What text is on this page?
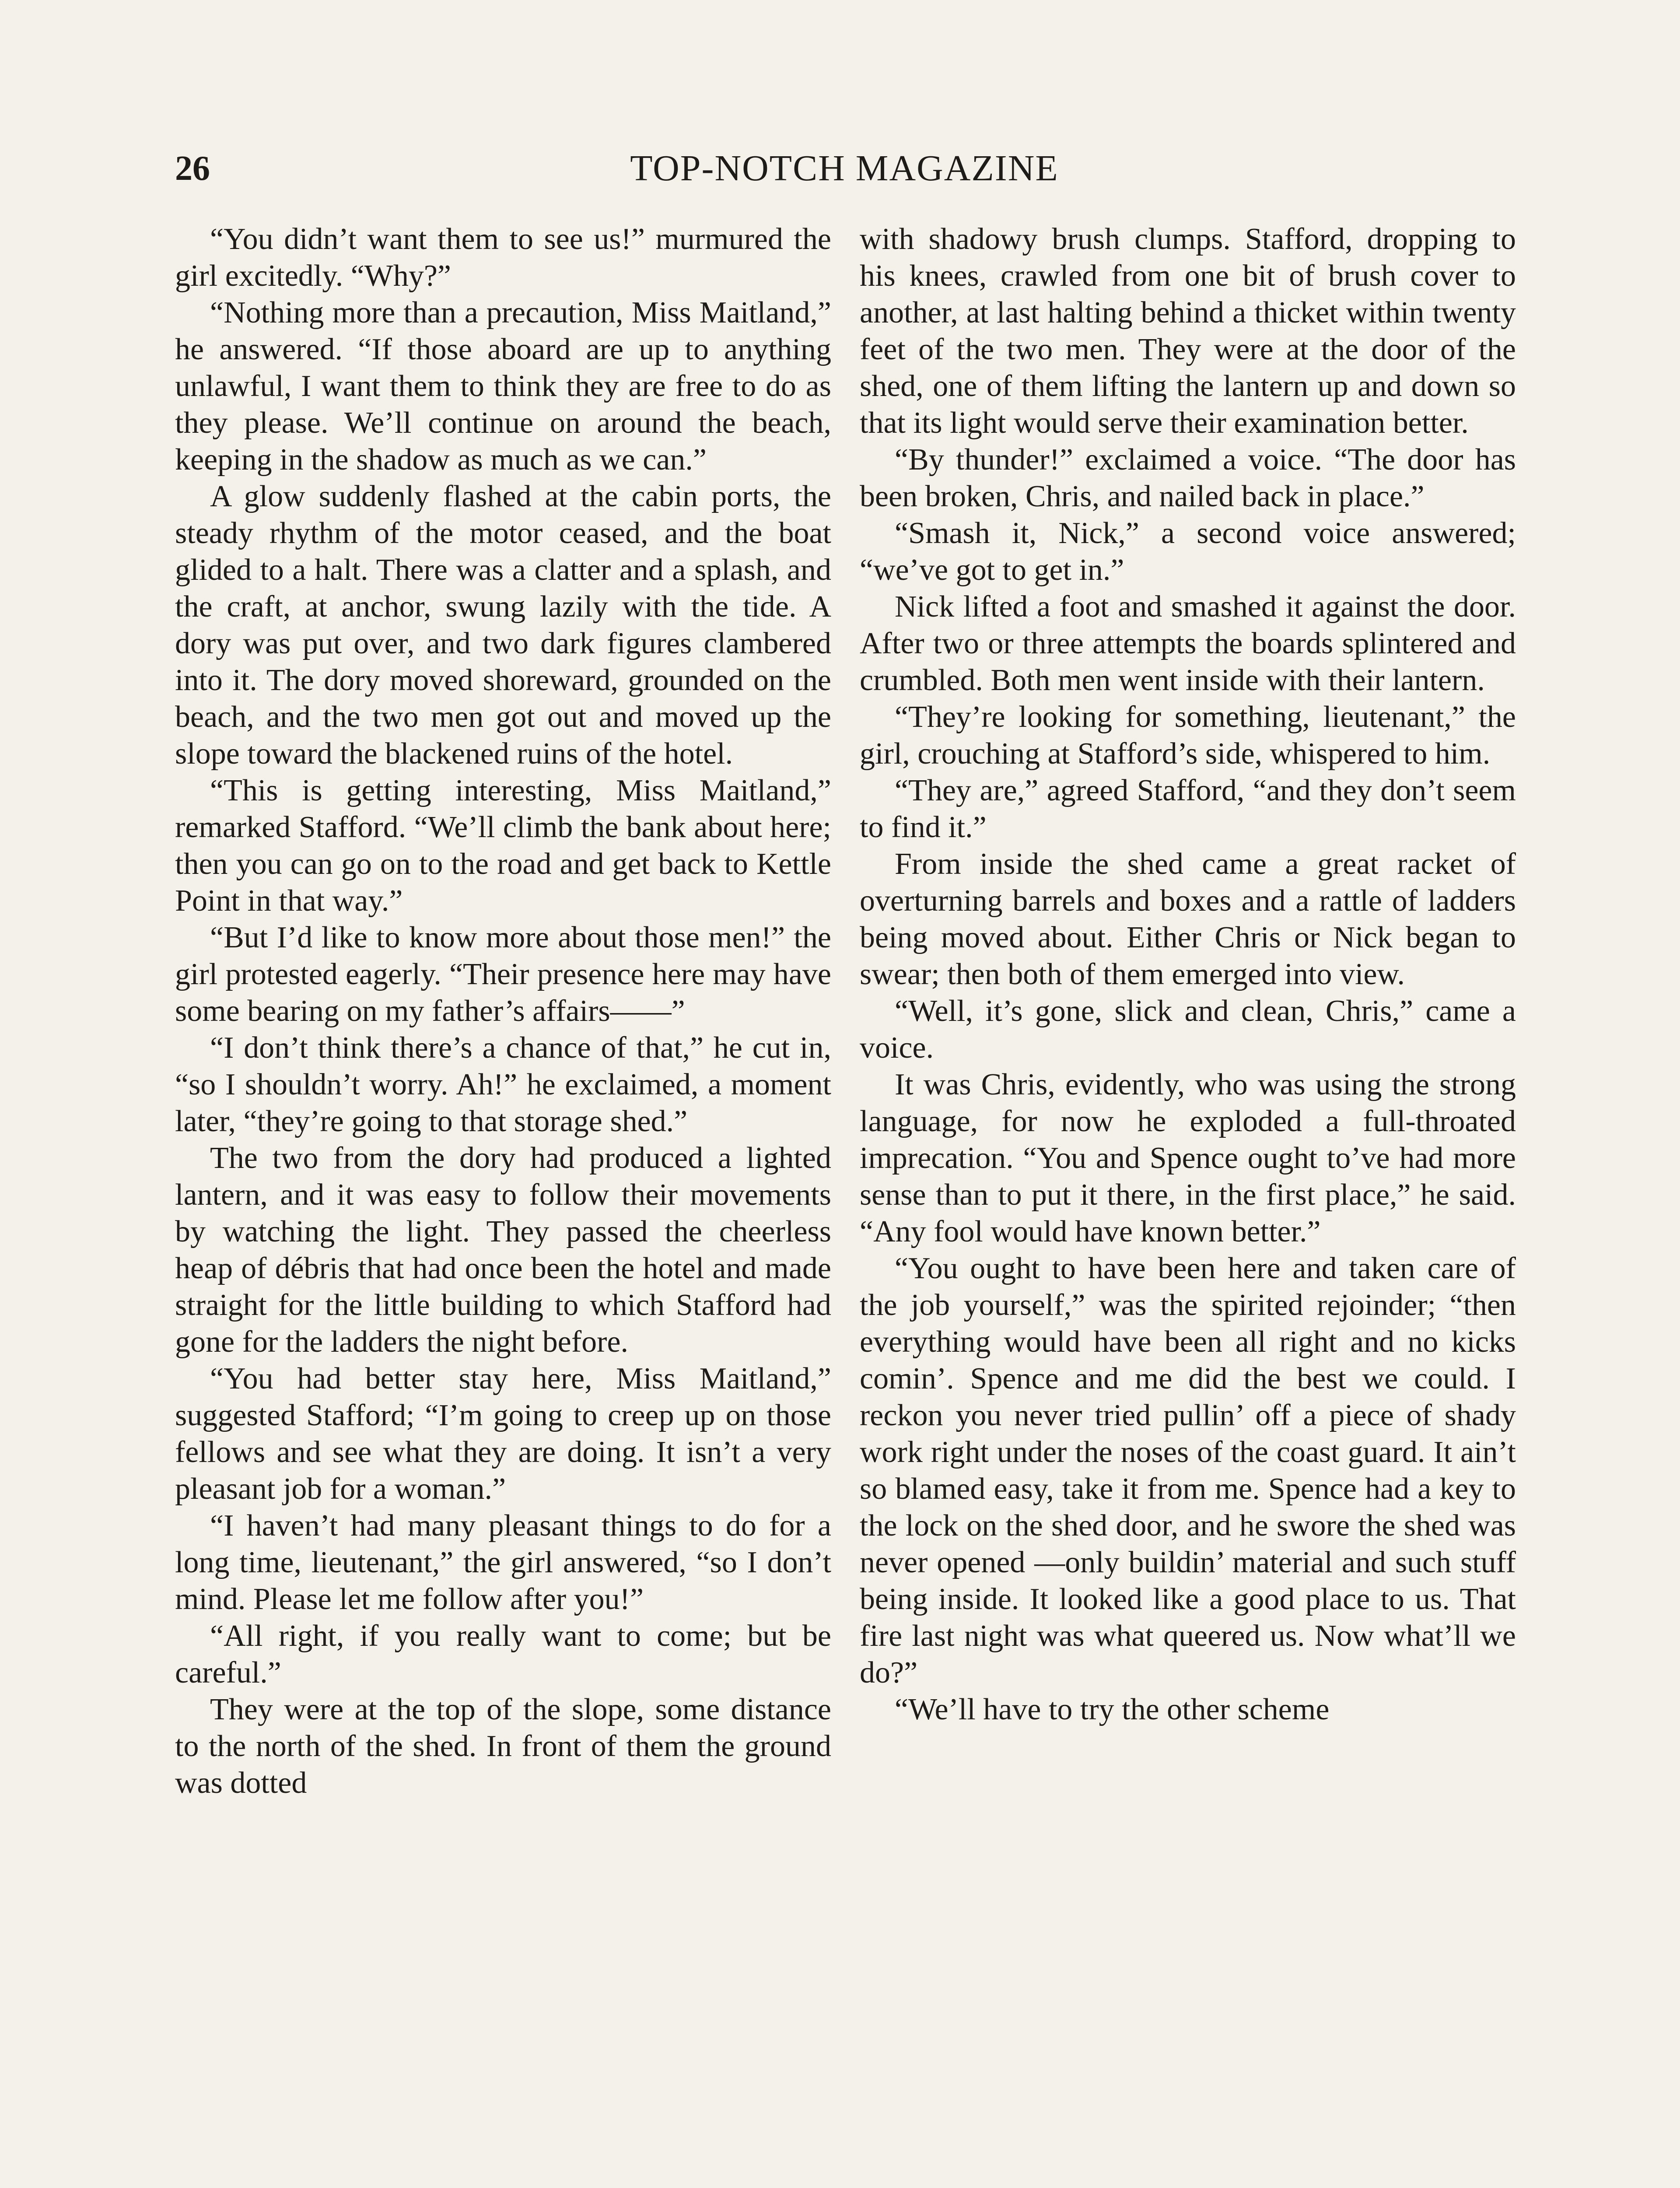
26	TOP-NOTCH MAGAZINE

“You didn’t want them to see us!” murmured the girl excitedly. “Why?”

“Nothing more than a precaution, Miss Maitland,” he answered. “If those aboard are up to anything unlawful, I want them to think they are free to do as they please. We’ll continue on around the beach, keeping in the shadow as much as we can.”

A glow suddenly flashed at the cabin ports, the steady rhythm of the motor ceased, and the boat glided to a halt. There was a clatter and a splash, and the craft, at anchor, swung lazily with the tide. A dory was put over, and two dark figures clambered into it. The dory moved shoreward, grounded on the beach, and the two men got out and moved up the slope toward the blackened ruins of the hotel.

“This is getting interesting, Miss Maitland,” remarked Stafford. “We’ll climb the bank about here; then you can go on to the road and get back to Kettle Point in that way.”

“But I’d like to know more about those men!” the girl protested eagerly. “Their presence here may have some bearing on my father’s affairs——”

“I don’t think there’s a chance of that,” he cut in, “so I shouldn’t worry. Ah!” he exclaimed, a moment later, “they’re going to that storage shed.”

The two from the dory had produced a lighted lantern, and it was easy to follow their movements by watching the light. They passed the cheerless heap of débris that had once been the hotel and made straight for the little building to which Stafford had gone for the ladders the night before.

“You had better stay here, Miss Maitland,” suggested Stafford; “I’m going to creep up on those fellows and see what they are doing. It isn’t a very pleasant job for a woman.”

“I haven’t had many pleasant things to do for a long time, lieutenant,” the girl answered, “so I don’t mind. Please let me follow after you!”

“All right, if you really want to come; but be careful.”

They were at the top of the slope, some distance to the north of the shed. In front of them the ground was dotted

with shadowy brush clumps. Stafford, dropping to his knees, crawled from one bit of brush cover to another, at last halting behind a thicket within twenty feet of the two men. They were at the door of the shed, one of them lifting the lantern up and down so that its light would serve their examination better.

“By thunder!” exclaimed a voice. “The door has been broken, Chris, and nailed back in place.”

“Smash it, Nick,” a second voice answered; “we’ve got to get in.”

Nick lifted a foot and smashed it against the door. After two or three attempts the boards splintered and crumbled. Both men went inside with their lantern.

“They’re looking for something, lieutenant,” the girl, crouching at Stafford’s side, whispered to him.

“They are,” agreed Stafford, “and they don’t seem to find it.”

From inside the shed came a great racket of overturning barrels and boxes and a rattle of ladders being moved about. Either Chris or Nick began to swear; then both of them emerged into view.

“Well, it’s gone, slick and clean, Chris,” came a voice.

It was Chris, evidently, who was using the strong language, for now he exploded a full-throated imprecation. “You and Spence ought to’ve had more sense than to put it there, in the first place,” he said. “Any fool would have known better.”

“You ought to have been here and taken care of the job yourself,” was the spirited rejoinder; “then everything would have been all right and no kicks comin’. Spence and me did the best we could. I reckon you never tried pullin’ off a piece of shady work right under the noses of the coast guard. It ain’t so blamed easy, take it from me. Spence had a key to the lock on the shed door, and he swore the shed was never opened —only buildin’ material and such stuff being inside. It looked like a good place to us. That fire last night was what queered us. Now what’ll we do?”

“We’ll have to try the other scheme
